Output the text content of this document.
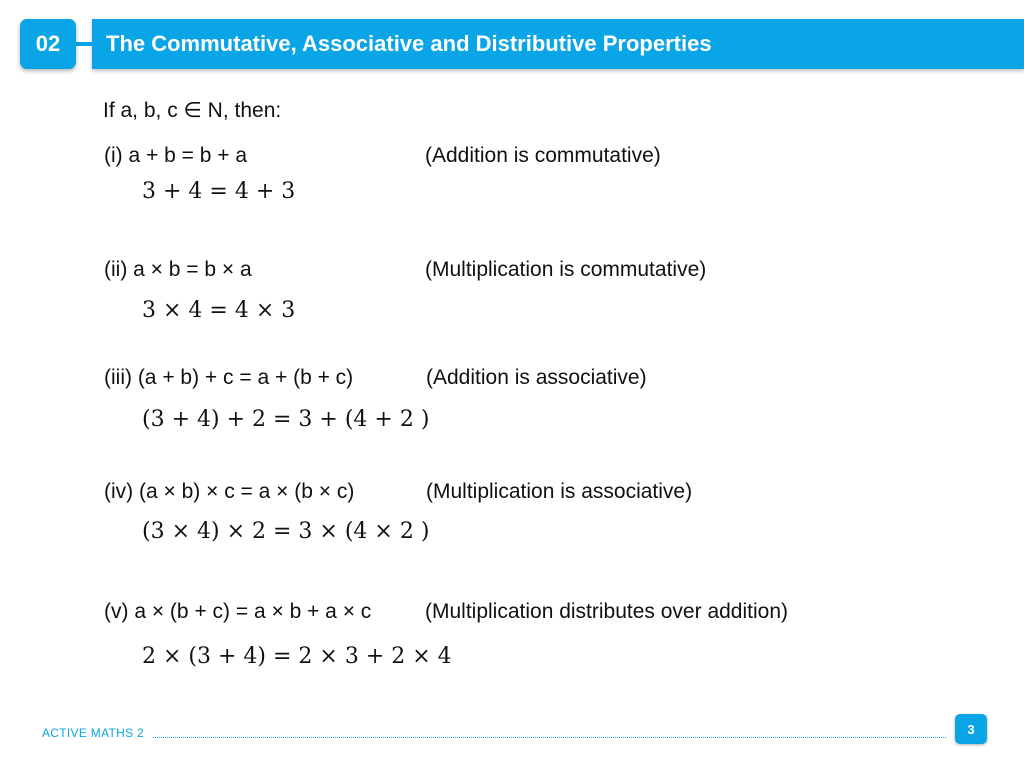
The Commutative, Associative and Distributive Properties
02
If a, b, c ∈ N, then:
(i) a + b = b + a	(Addition is commutative)
3 + 4 = 4 + 3
(ii) a × b = b × a	(Multiplication is commutative)
3 × 4 = 4 × 3
(iii) (a + b) + c = a + (b + c)	(Addition is associative)
(3 + 4) + 2 = 3 + (4 + 2 )
(iv) (a × b) × c = a × (b × c)	(Multiplication is associative)
(3 × 4) × 2 = 3 × (4 × 2 )
(v) a × (b + c) = a × b + a × c	(Multiplication distributes over addition)
2 × (3 + 4) = 2 × 3 + 2 × 4
ACTIVE MATHS 2	3
